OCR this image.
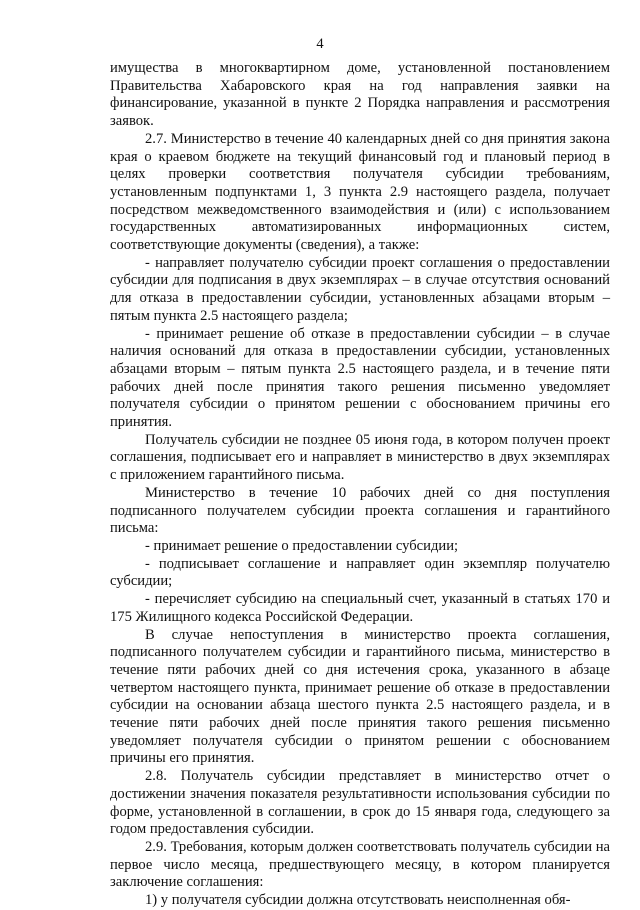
4

имущества в многоквартирном доме, установленной постановлением Правительства Хабаровского края на год направления заявки на финансирование, указанной в пункте 2 Порядка направления и рассмотрения заявок.

2.7. Министерство в течение 40 календарных дней со дня принятия закона края о краевом бюджете на текущий финансовый год и плановый период в целях проверки соответствия получателя субсидии требованиям, установленным подпунктами 1, 3 пункта 2.9 настоящего раздела, получает посредством межведомственного взаимодействия и (или) с использованием государственных автоматизированных информационных систем, соответствующие документы (сведения), а также:

- направляет получателю субсидии проект соглашения о предоставлении субсидии для подписания в двух экземплярах – в случае отсутствия оснований для отказа в предоставлении субсидии, установленных абзацами вторым – пятым пункта 2.5 настоящего раздела;

- принимает решение об отказе в предоставлении субсидии – в случае наличия оснований для отказа в предоставлении субсидии, установленных абзацами вторым – пятым пункта 2.5 настоящего раздела, и в течение пяти рабочих дней после принятия такого решения письменно уведомляет получателя субсидии о принятом решении с обоснованием причины его принятия.

Получатель субсидии не позднее 05 июня года, в котором получен проект соглашения, подписывает его и направляет в министерство в двух экземплярах с приложением гарантийного письма.

Министерство в течение 10 рабочих дней со дня поступления подписанного получателем субсидии проекта соглашения и гарантийного письма:

- принимает решение о предоставлении субсидии;

- подписывает соглашение и направляет один экземпляр получателю субсидии;

- перечисляет субсидию на специальный счет, указанный в статьях 170 и 175 Жилищного кодекса Российской Федерации.

В случае непоступления в министерство проекта соглашения, подписанного получателем субсидии и гарантийного письма, министерство в течение пяти рабочих дней со дня истечения срока, указанного в абзаце четвертом настоящего пункта, принимает решение об отказе в предоставлении субсидии на основании абзаца шестого пункта 2.5 настоящего раздела, и в течение пяти рабочих дней после принятия такого решения письменно уведомляет получателя субсидии о принятом решении с обоснованием причины его принятия.

2.8. Получатель субсидии представляет в министерство отчет о достижении значения показателя результативности использования субсидии по форме, установленной в соглашении, в срок до 15 января года, следующего за годом предоставления субсидии.

2.9. Требования, которым должен соответствовать получатель субсидии на первое число месяца, предшествующего месяцу, в котором планируется заключение соглашения:

1) у получателя субсидии должна отсутствовать неисполненная обя-
